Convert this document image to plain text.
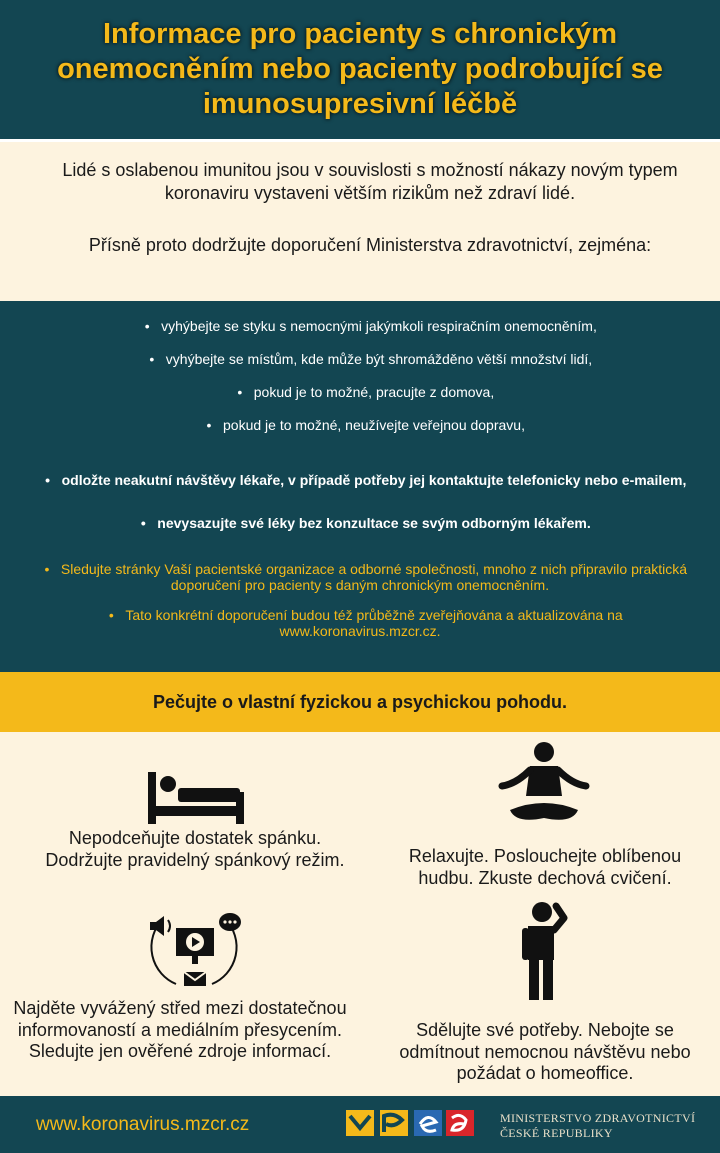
Informace pro pacienty s chronickým onemocněním nebo pacienty podrobující se imunosupresivní léčbě

Lidé s oslabenou imunitou jsou v souvislosti s možností nákazy novým typem koronaviru vystaveni větším rizikům než zdraví lidé.

Přísně proto dodržujte doporučení Ministerstva zdravotnictví, zejména:

• vyhýbejte se styku s nemocnými jakýmkoli respiračním onemocněním,
• vyhýbejte se místům, kde může být shromážděno větší množství lidí,
• pokud je to možné, pracujte z domova,
• pokud je to možné, neužívejte veřejnou dopravu,
• odložte neakutní návštěvy lékaře, v případě potřeby jej kontaktujte telefonicky nebo e-mailem,
• nevysazujte své léky bez konzultace se svým odborným lékařem.
• Sledujte stránky Vaší pacientské organizace a odborné společnosti, mnoho z nich připravilo praktická doporučení pro pacienty s daným chronickým onemocněním.
• Tato konkrétní doporučení budou též průběžně zveřejňována a aktualizována na www.koronavirus.mzcr.cz.
Pečujte o vlastní fyzickou a psychickou pohodu.
Nepodceňujte dostatek spánku. Dodržujte pravidelný spánkový režim.	Relaxujte. Poslouchejte oblíbenou hudbu. Zkuste dechová cvičení.
Najděte vyvážený střed mezi dostatečnou informovaností a mediálním přesycením. Sledujte jen ověřené zdroje informací.
Sdělujte své potřeby. Nebojte se odmítnout nemocnou návštěvu nebo požádat o homeoffice.
www.koronavirus.mzcr.cz	MINISTERSTVO ZDRAVOTNICTVÍ
ČESKÉ REPUBLIKY
